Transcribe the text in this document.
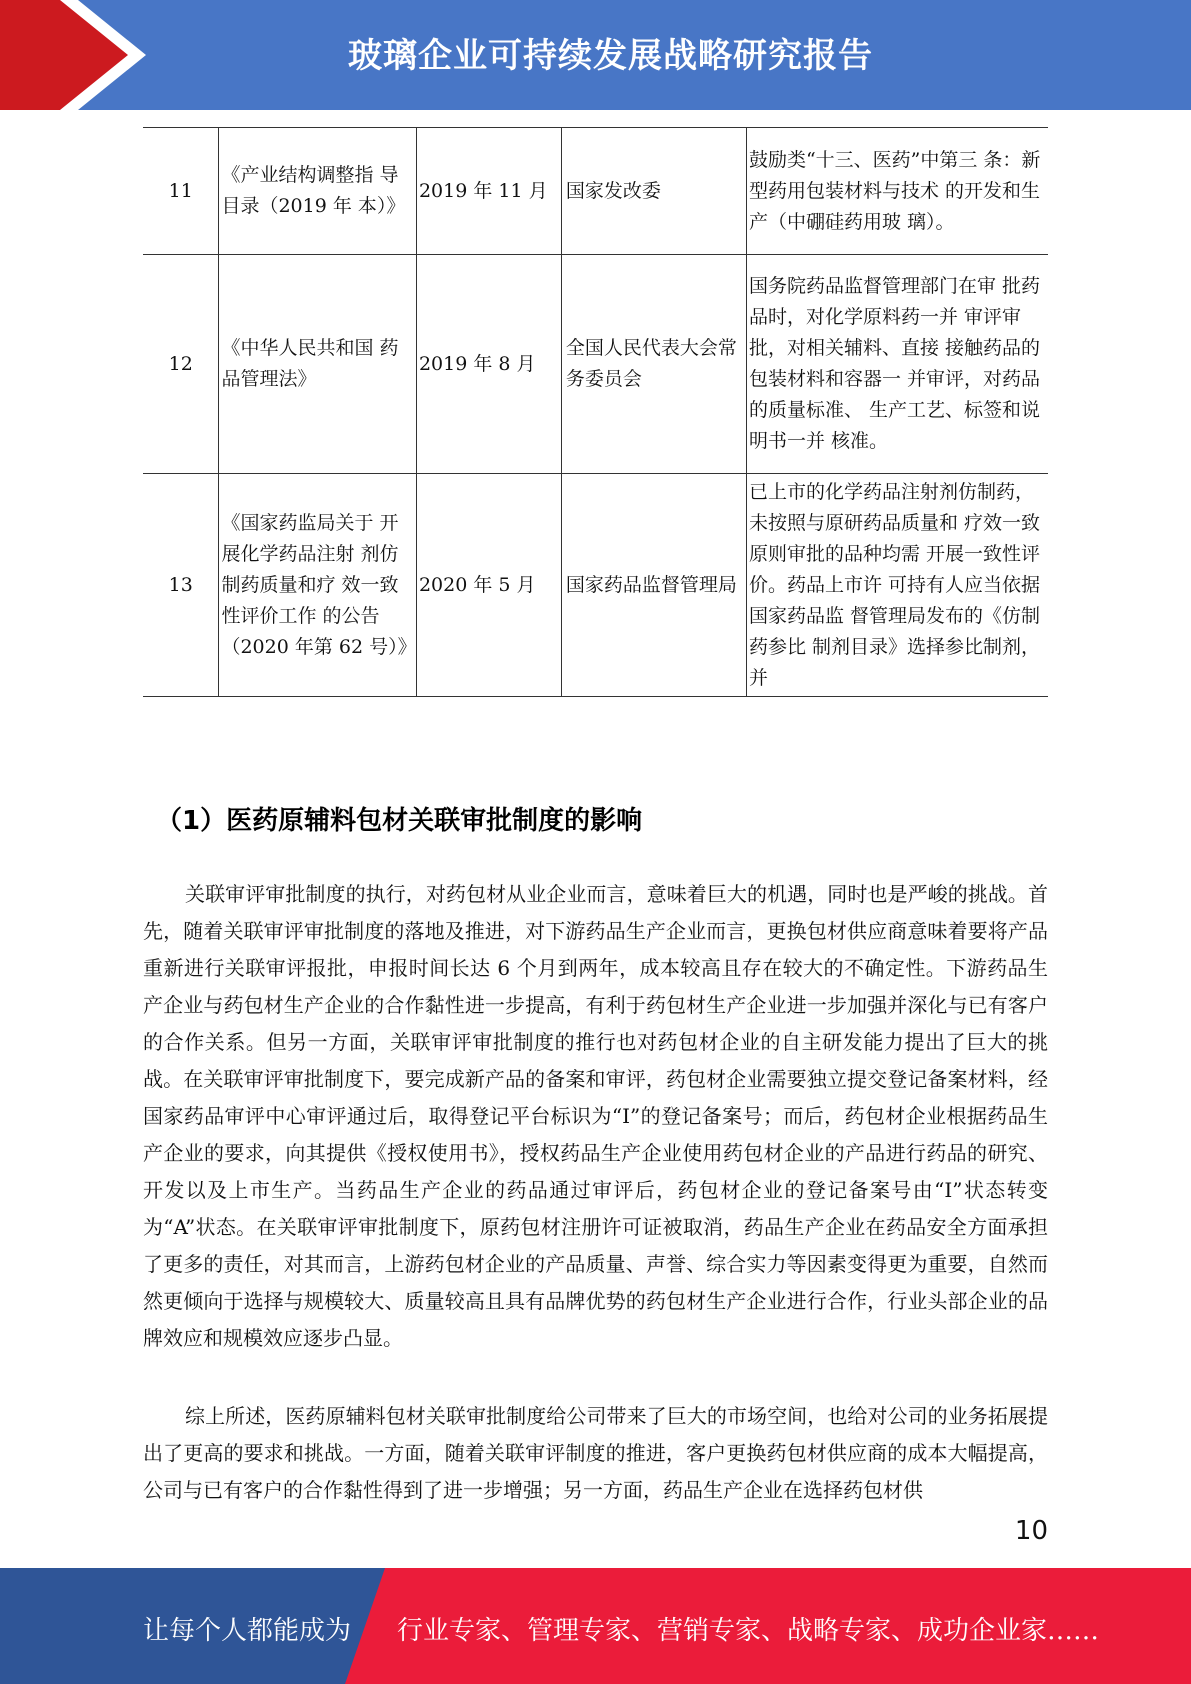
玻璃企业可持续发展战略研究报告
11	《产业结构调整指 导目录（2019 年 本）》	2019 年 11 月	国家发改委	鼓励类“十三、医药”中第三 条：新型药用包装材料与技术 的开发和生产（中硼硅药用玻 璃）。
12	《中华人民共和国 药品管理法》	2019 年 8 月	全国人民代表大会常务委员会	国务院药品监督管理部门在审 批药品时，对化学原料药一并 审评审批，对相关辅料、直接 接触药品的包装材料和容器一 并审评，对药品的质量标准、 生产工艺、标签和说明书一并 核准。
13	《国家药监局关于 开展化学药品注射 剂仿制药质量和疗 效一致性评价工作 的公告（2020 年第 62 号）》	2020 年 5 月	国家药品监督管理局	已上市的化学药品注射剂仿制药，未按照与原研药品质量和 疗效一致原则审批的品种均需 开展一致性评价。药品上市许 可持有人应当依据国家药品监 督管理局发布的《仿制药参比 制剂目录》选择参比制剂，并
（1）医药原辅料包材关联审批制度的影响

关联审评审批制度的执行，对药包材从业企业而言，意味着巨大的机遇，同时也是严峻的挑战。首先，随着关联审评审批制度的落地及推进，对下游药品生产企业而言，更换包材供应商意味着要将产品重新进行关联审评报批，申报时间长达 6 个月到两年，成本较高且存在较大的不确定性。下游药品生产企业与药包材生产企业的合作黏性进一步提高，有利于药包材生产企业进一步加强并深化与已有客户的合作关系。但另一方面，关联审评审批制度的推行也对药包材企业的自主研发能力提出了巨大的挑战。在关联审评审批制度下，要完成新产品的备案和审评，药包材企业需要独立提交登记备案材料，经国家药品审评中心审评通过后，取得登记平台标识为“I”的登记备案号；而后，药包材企业根据药品生产企业的要求，向其提供《授权使用书》，授权药品生产企业使用药包材企业的产品进行药品的研究、开发以及上市生产。当药品生产企业的药品通过审评后，药包材企业的登记备案号由“I”状态转变为“A”状态。在关联审评审批制度下，原药包材注册许可证被取消，药品生产企业在药品安全方面承担了更多的责任，对其而言，上游药包材企业的产品质量、声誉、综合实力等因素变得更为重要，自然而然更倾向于选择与规模较大、质量较高且具有品牌优势的药包材生产企业进行合作，行业头部企业的品牌效应和规模效应逐步凸显。

综上所述，医药原辅料包材关联审批制度给公司带来了巨大的市场空间，也给对公司的业务拓展提出了更高的要求和挑战。一方面，随着关联审评制度的推进，客户更换药包材供应商的成本大幅提高，公司与已有客户的合作黏性得到了进一步增强；另一方面，药品生产企业在选择药包材供

10
让每个人都能成为 行业专家、管理专家、营销专家、战略专家、成功企业家……
